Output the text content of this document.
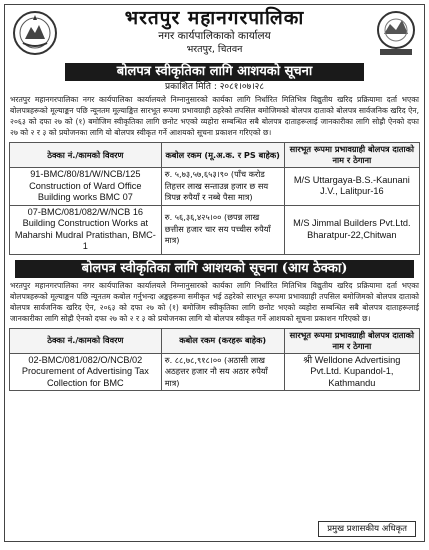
भरतपुर महानगरपालिका
नगर कार्यपालिकाको कार्यालय
भरतपुर, चितवन
बोलपत्र स्वीकृतिका लागि आशयको सूचना
प्रकाशित मिति : २०८१।०७।२८
भरतपुर महानगरपालिका नगर कार्यपालिका कार्यालयले निम्नानुसारको कार्यका लागि निर्धारित मितिभित्र विद्युतीय खरिद प्रक्रियामा दर्ता भएका बोलपत्रहरूको मूल्याङ्कन पछि न्यूनतम मूल्याङ्कित सारभूत रूपमा प्रभावग्राही ठहरेको तपसिल बमोजिमको बोलपत्र दाताको बोलपत्र सार्वजनिक खरिद ऐन, २०६३ को दफा २७ को (१) बमोजिम स्वीकृतिका लागि छनोट भएको व्यहोरा सम्बन्धित सबै बोलपत्र दाताहरूलाई जानकारीका लागि सोह्रौ ऐनको दफा २७ को २ र ३ को प्रयोजनका लागि यो बोलपत्र स्वीकृत गर्ने आशयको सूचना प्रकाशन गरिएको छ।
ठेक्का नं./कामको विवरण	कबोल रकम (मू.अ.क. र PS बाहेक)	सारभूत रूपमा प्रभावग्राही बोलपत्र दाताको नाम र ठेगाना
91-BMC/80/81/W/NCB/125 Construction of Ward Office Building works BMC 07	रु. ५,७३,५७,६५३।९० (पाँच करोड तिहत्तर लाख सन्ताउन्न हजार छ सय त्रिपन्न रुपैयाँ र नब्बे पैसा मात्र)	M/S Uttargaya-B.S.-Kaunani J.V., Lalitpur-16
07-BMC/081/082/W/NCB 16 Building Construction Works at Maharshi Mudral Pratisthan, BMC-1	रु. ५६,३६,४२५।०० (छपन्न लाख छत्तीस हजार चार सय पच्चीस रुपैयाँ मात्र)	M/S Jimmal Builders Pvt.Ltd. Bharatpur-22,Chitwan
बोलपत्र स्वीकृतिका लागि आशयको सूचना (आय ठेक्का)
भरतपुर महानगरपालिका नगर कार्यपालिका कार्यालयले निम्नानुसारको कार्यका लागि निर्धारित मितिभित्र विद्युतीय खरिद प्रक्रियामा दर्ता भएका बोलपत्रहरूको मूल्याङ्कन पछि न्यूनतम कबोल गर्नुभन्दा अङ्कहरूमा समीकृत भई ठहरेको सारभूत रूपमा प्रभावग्राही तपसिल बमोजिमको बोलपत्र दाताको बोलपत्र सार्वजनिक खरिद ऐन, २०६३ को दफा २७ को (१) बमोजिम स्वीकृतिका लागि छनोट भएको व्यहोरा सम्बन्धित सबै बोलपत्र दाताहरूलाई जानकारीका लागि सोह्रौ ऐनको दफा २७ को २ र ३ को प्रयोजनका लागि यो बोलपत्र स्वीकृत गर्ने आशयको सूचना प्रकाशन गरिएको छ।
ठेक्का नं./कामको विवरण	कबोल रकम (करहरू बाहेक)	सारभूत रूपमा प्रभावग्राही बोलपत्र दाताको नाम र ठेगाना
02-BMC/081/082/O/NCB/02 Procurement of Advertising Tax Collection for BMC	रु. ८८,७८,९१८।०० (अठासी लाख अठहत्तर हजार नौ सय अठार रुपैयाँ मात्र)	श्री Welldone Advertising Pvt.Ltd. Kupandol-1, Kathmandu
प्रमुख प्रशासकीय अधिकृत
